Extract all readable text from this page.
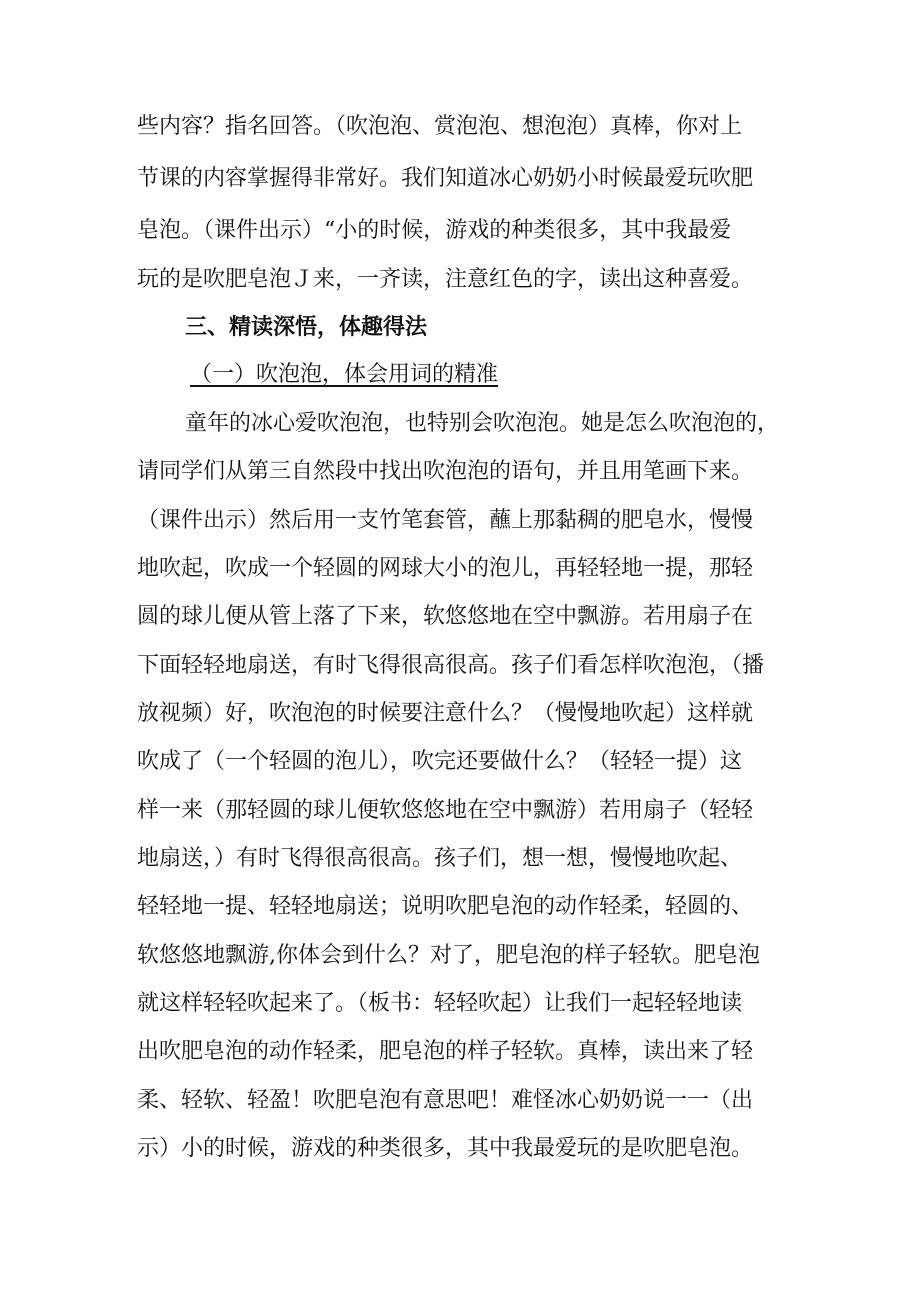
些内容？指名回答。（吹泡泡、赏泡泡、想泡泡）真棒，你对上
节课的内容掌握得非常好。我们知道冰心奶奶小时候最爱玩吹肥
皂泡。（课件出示）“小的时候，游戏的种类很多，其中我最爱
玩的是吹肥皂泡Ｊ来，一齐读，注意红色的字，读出这种喜爱。
三、精读深悟，体趣得法
（一）吹泡泡，体会用词的精准
童年的冰心爱吹泡泡，也特别会吹泡泡。她是怎么吹泡泡的，
请同学们从第三自然段中找出吹泡泡的语句，并且用笔画下来。
（课件出示）然后用一支竹笔套管，蘸上那黏稠的肥皂水，慢慢
地吹起，吹成一个轻圆的网球大小的泡儿，再轻轻地一提，那轻
圆的球儿便从管上落了下来，软悠悠地在空中飘游。若用扇子在
下面轻轻地扇送，有时飞得很高很高。孩子们看怎样吹泡泡，（播
放视频）好，吹泡泡的时候要注意什么？（慢慢地吹起）这样就
吹成了（一个轻圆的泡儿），吹完还要做什么？（轻轻一提）这
样一来（那轻圆的球儿便软悠悠地在空中飘游）若用扇子（轻轻
地扇送，）有时飞得很高很高。孩子们，想一想，慢慢地吹起、
轻轻地一提、轻轻地扇送；说明吹肥皂泡的动作轻柔，轻圆的、
软悠悠地飘游,你体会到什么？对了，肥皂泡的样子轻软。肥皂泡
就这样轻轻吹起来了。（板书：轻轻吹起）让我们一起轻轻地读
出吹肥皂泡的动作轻柔，肥皂泡的样子轻软。真棒，读出来了轻
柔、轻软、轻盈！吹肥皂泡有意思吧！难怪冰心奶奶说一一（出
示）小的时候，游戏的种类很多，其中我最爱玩的是吹肥皂泡。
